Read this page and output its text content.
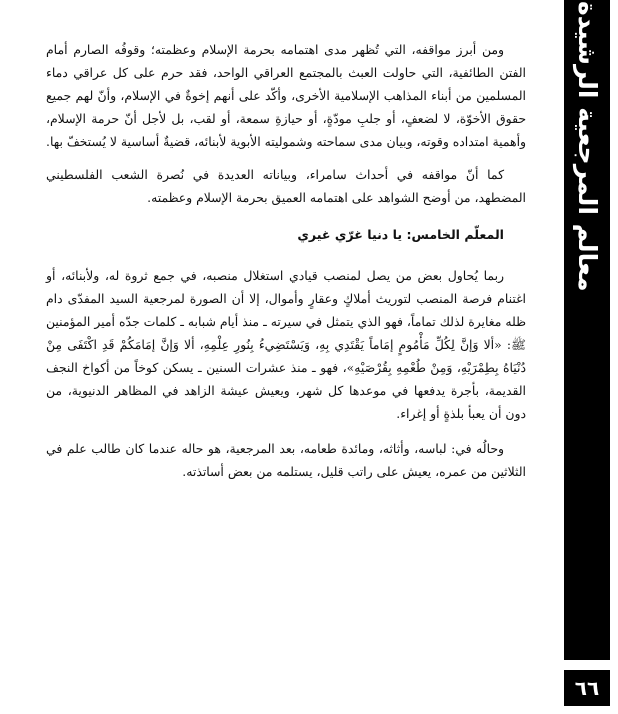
معالم المرجعية الرشيدة
٦٦

ومن أبرز مواقفه، التي تُظهر مدى اهتمامه بحرمة الإسلام وعظمته؛ وقوفُه الصارم أمام الفتن الطائفية، التي حاولت العبث بالمجتمع العراقي الواحد، فقد حرم على كل عراقي دماء المسلمين من أبناء المذاهب الإسلامية الأخرى، وأكّد على أنهم إخوةٌ في الإسلام، وأنّ لهم جميع حقوق الأخوّة، لا لضعفٍ، أو جلبِ مودّةٍ، أو حيازةِ سمعة، أو لقب، بل لأجل أنّ حرمة الإسلام، وأهمية امتداده وقوته، وبيان مدى سماحته وشموليته الأبوية لأبنائه، قضيةٌ أساسية لا يُستخفّ بها.

كما أنّ مواقفه في أحداث سامراء، وبياناته العديدة في نُصرة الشعب الفلسطيني المضطهد، من أوضح الشواهد على اهتمامه العميق بحرمة الإسلام وعظمته.

المعلّم الخامس: يا دنيا غرّي غيري

ربما يُحاول بعض من يصل لمنصب قيادي استغلال منصبه، في جمع ثروة له، ولأبنائه، أو اغتنام فرصة المنصب لتوريث أملاكٍ وعقارٍ وأموال، إلا أن الصورة لمرجعية السيد المفدّى دام ظله مغايرة لذلك تماماً، فهو الذي يتمثل في سيرته ـ منذ أيام شبابه ـ كلمات جدّه أمير المؤمنين ﷺ: «ألا وَإنَّ لِكُلِّ مَأْمُومٍ إمَاماً يَقْتَدِي بِهِ، وَيَسْتَضِيءُ بِنُورِ عِلْمِهِ، ألا وَإنَّ إمَامَكُمْ قَدِ اكْتَفَى مِنْ دُنْيَاهُ بِطِمْرَيْهِ، وَمِنْ طُعْمِهِ بِقُرْصَيْهِ»، فهو ـ منذ عشرات السنين ـ يسكن كوخاً من أكواخ النجف القديمة، بأجرة يدفعها في موعدها كل شهر، ويعيش عيشة الزاهد في المظاهر الدنيوية، من دون أن يعبأ بلذةٍ أو إغراء.

وحالُه في: لباسه، وأثاثه، ومائدة طعامه، بعد المرجعية، هو حاله عندما كان طالب علم في الثلاثين من عمره، يعيش على راتب قليل، يستلمه من بعض أساتذته.
